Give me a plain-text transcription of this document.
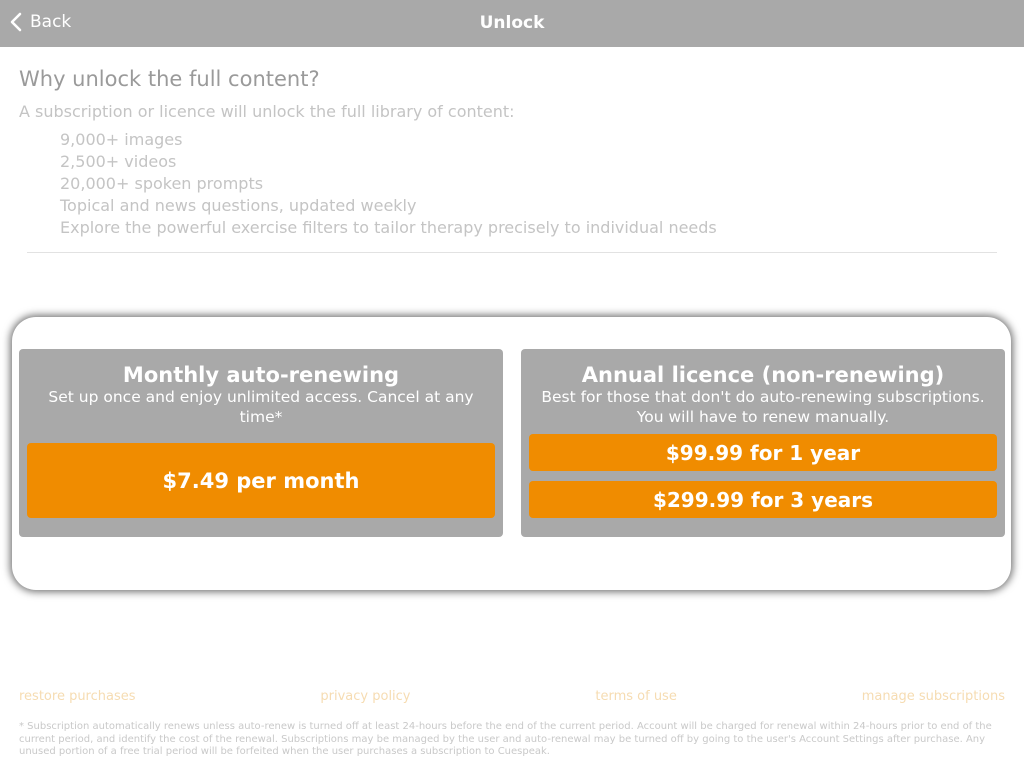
Back	Unlock
Why unlock the full content?
A subscription or licence will unlock the full library of content:
9,000+ images
2,500+ videos
20,000+ spoken prompts
Topical and news questions, updated weekly
Explore the powerful exercise filters to tailor therapy precisely to individual needs
Monthly auto-renewing
Set up once and enjoy unlimited access. Cancel at any time*
$7.49 per month
Annual licence (non-renewing)
Best for those that don't do auto-renewing subscriptions. You will have to renew manually.
$99.99 for 1 year
$299.99 for 3 years
restore purchases	privacy policy	terms of use	manage subscriptions
* Subscription automatically renews unless auto-renew is turned off at least 24-hours before the end of the current period. Account will be charged for renewal within 24-hours prior to end of the current period, and identify the cost of the renewal. Subscriptions may be managed by the user and auto-renewal may be turned off by going to the user's Account Settings after purchase. Any unused portion of a free trial period will be forfeited when the user purchases a subscription to Cuespeak.
